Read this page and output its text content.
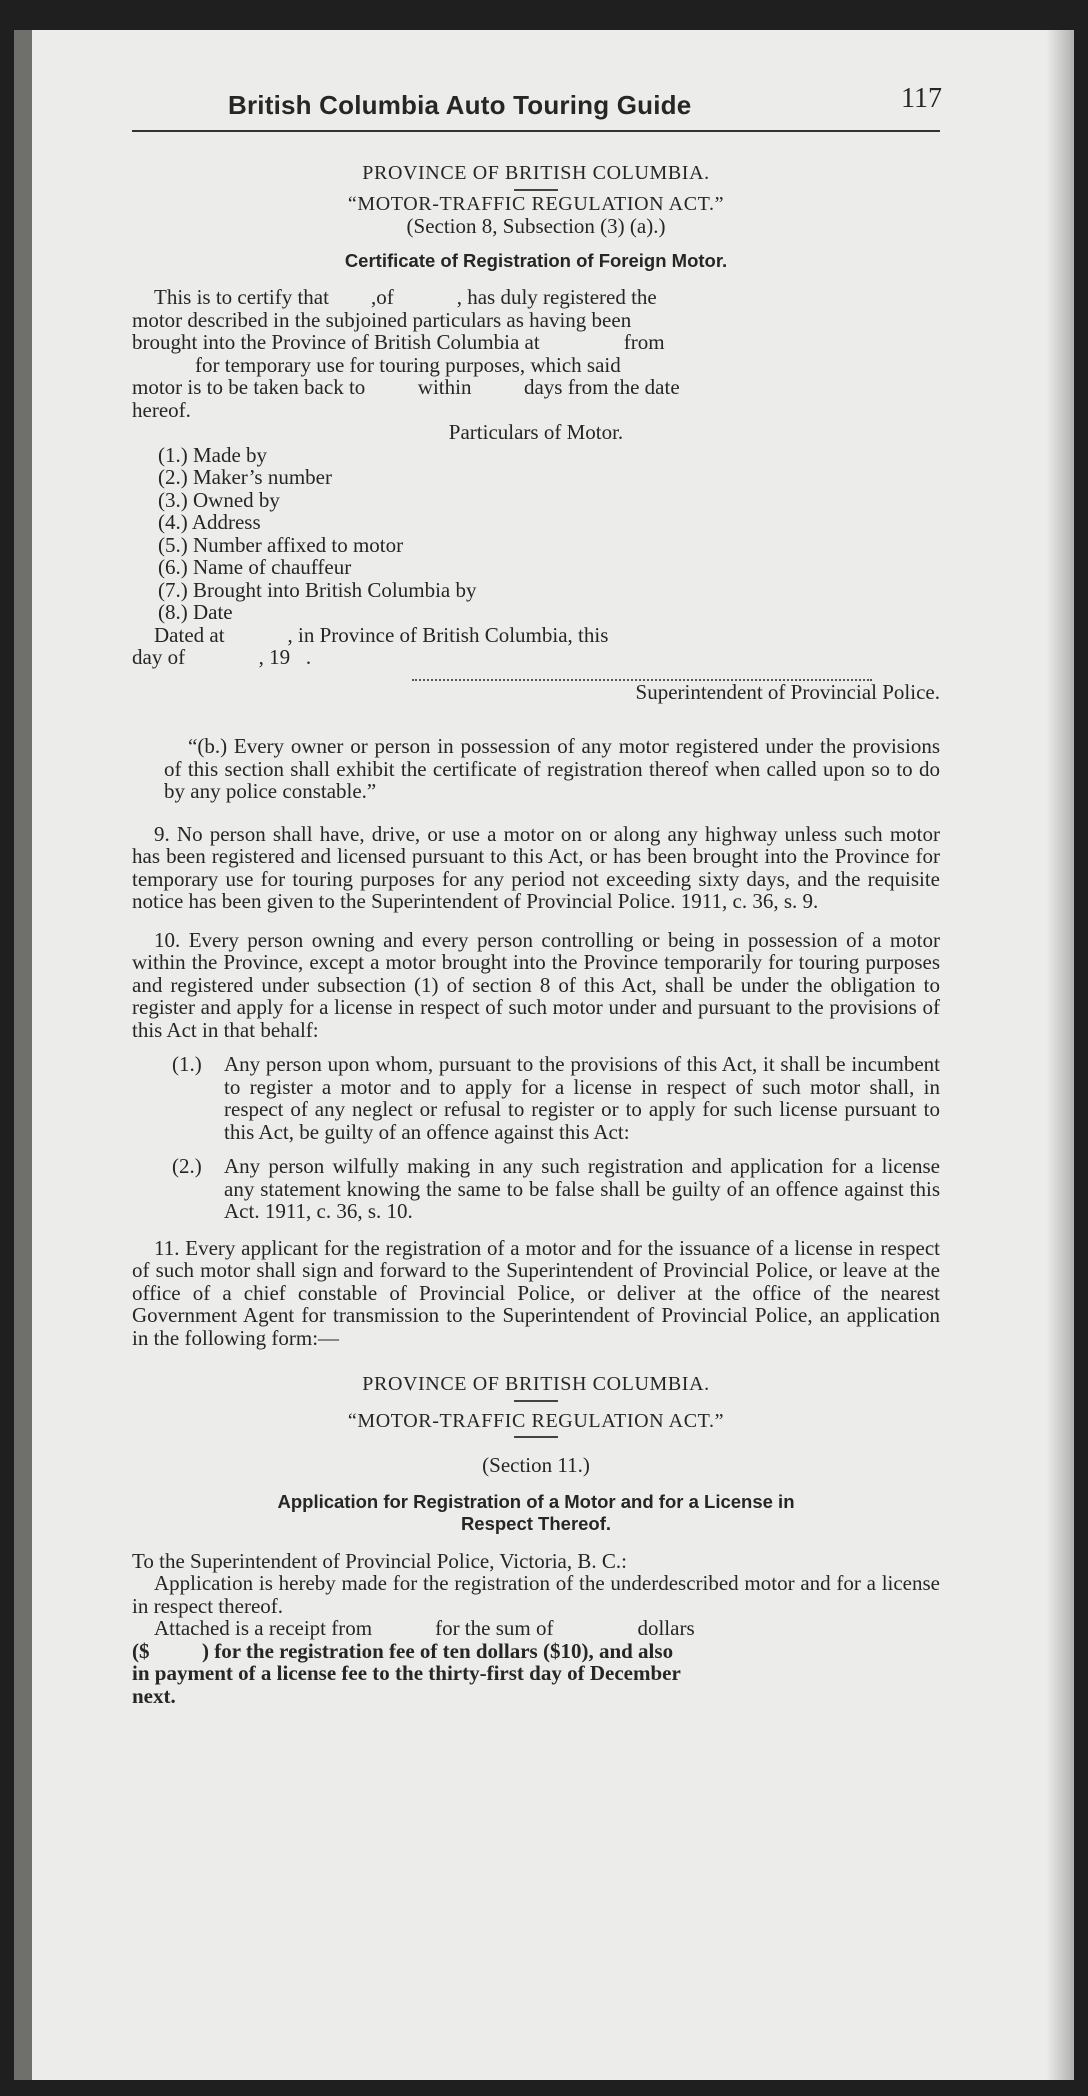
British Columbia Auto Touring Guide	117
PROVINCE OF BRITISH COLUMBIA.
“MOTOR-TRAFFIC REGULATION ACT.”
(Section 8, Subsection (3) (a).)
Certificate of Registration of Foreign Motor.
This is to certify that        ,of            , has duly registered the
motor described in the subjoined particulars as having been
brought into the Province of British Columbia at                from
for temporary use for touring purposes, which said
motor is to be taken back to          within          days from the date
hereof.
Particulars of Motor.
(1.) Made by
(2.) Maker’s number
(3.) Owned by
(4.) Address
(5.) Number affixed to motor
(6.) Name of chauffeur
(7.) Brought into British Columbia by
(8.) Date
Dated at            , in Province of British Columbia, this
day of              , 19   .
Superintendent of Provincial Police.

“(b.) Every owner or person in possession of any motor registered under the provisions of this section shall exhibit the certificate of registration thereof when called upon so to do by any police constable.”

9. No person shall have, drive, or use a motor on or along any highway unless such motor has been registered and licensed pursuant to this Act, or has been brought into the Province for temporary use for touring purposes for any period not exceeding sixty days, and the requisite notice has been given to the Superintendent of Provincial Police. 1911, c. 36, s. 9.

10. Every person owning and every person controlling or being in possession of a motor within the Province, except a motor brought into the Province temporarily for touring purposes and registered under subsection (1) of section 8 of this Act, shall be under the obligation to register and apply for a license in respect of such motor under and pursuant to the provisions of this Act in that behalf:

(1.)	Any person upon whom, pursuant to the provisions of this Act, it shall be incumbent to register a motor and to apply for a license in respect of such motor shall, in respect of any neglect or refusal to register or to apply for such license pursuant to this Act, be guilty of an offence against this Act:
(2.)	Any person wilfully making in any such registration and application for a license any statement knowing the same to be false shall be guilty of an offence against this Act. 1911, c. 36, s. 10.

11. Every applicant for the registration of a motor and for the issuance of a license in respect of such motor shall sign and forward to the Superintendent of Provincial Police, or leave at the office of a chief constable of Provincial Police, or deliver at the office of the nearest Government Agent for transmission to the Superintendent of Provincial Police, an application in the following form:—

PROVINCE OF BRITISH COLUMBIA.
“MOTOR-TRAFFIC REGULATION ACT.”
(Section 11.)
Application for Registration of a Motor and for a License in
Respect Thereof.
To the Superintendent of Provincial Police, Victoria, B. C.:

Application is hereby made for the registration of the underdescribed motor and for a license in respect thereof.

Attached is a receipt from            for the sum of                dollars
($          ) for the registration fee of ten dollars ($10), and also
in payment of a license fee to the thirty-first day of December
next.
